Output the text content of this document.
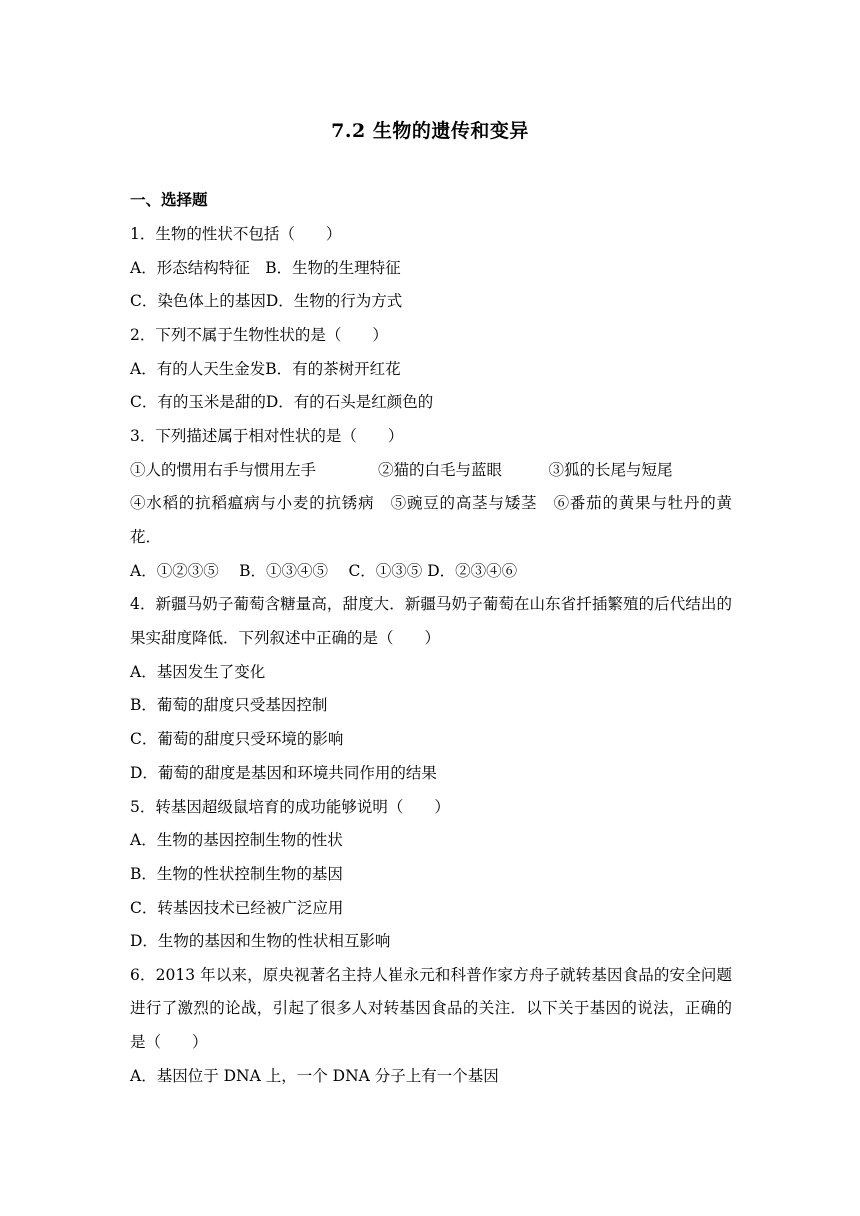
7.2 生物的遗传和变异
一、选择题
1．生物的性状不包括（　　）
A．形态结构特征　B．生物的生理特征
C．染色体上的基因D．生物的行为方式
2．下列不属于生物性状的是（　　）
A．有的人天生金发B．有的茶树开红花
C．有的玉米是甜的D．有的石头是红颜色的
3．下列描述属于相对性状的是（　　）
①人的惯用右手与惯用左手　　　　②猫的白毛与蓝眼　　　③狐的长尾与短尾
④水稻的抗稻瘟病与小麦的抗锈病　⑤豌豆的高茎与矮茎　⑥番茄的黄果与牡丹的黄花．
A．①②③⑤　 B．①③④⑤　 C．①③⑤ D．②③④⑥
4．新疆马奶子葡萄含糖量高，甜度大．新疆马奶子葡萄在山东省扦插繁殖的后代结出的果实甜度降低．下列叙述中正确的是（　　）
A．基因发生了变化
B．葡萄的甜度只受基因控制
C．葡萄的甜度只受环境的影响
D．葡萄的甜度是基因和环境共同作用的结果
5．转基因超级鼠培育的成功能够说明（　　）
A．生物的基因控制生物的性状
B．生物的性状控制生物的基因
C．转基因技术已经被广泛应用
D．生物的基因和生物的性状相互影响
6．2013 年以来，原央视著名主持人崔永元和科普作家方舟子就转基因食品的安全问题进行了激烈的论战，引起了很多人对转基因食品的关注．以下关于基因的说法，正确的是（　　）
A．基因位于 DNA 上，一个 DNA 分子上有一个基因
